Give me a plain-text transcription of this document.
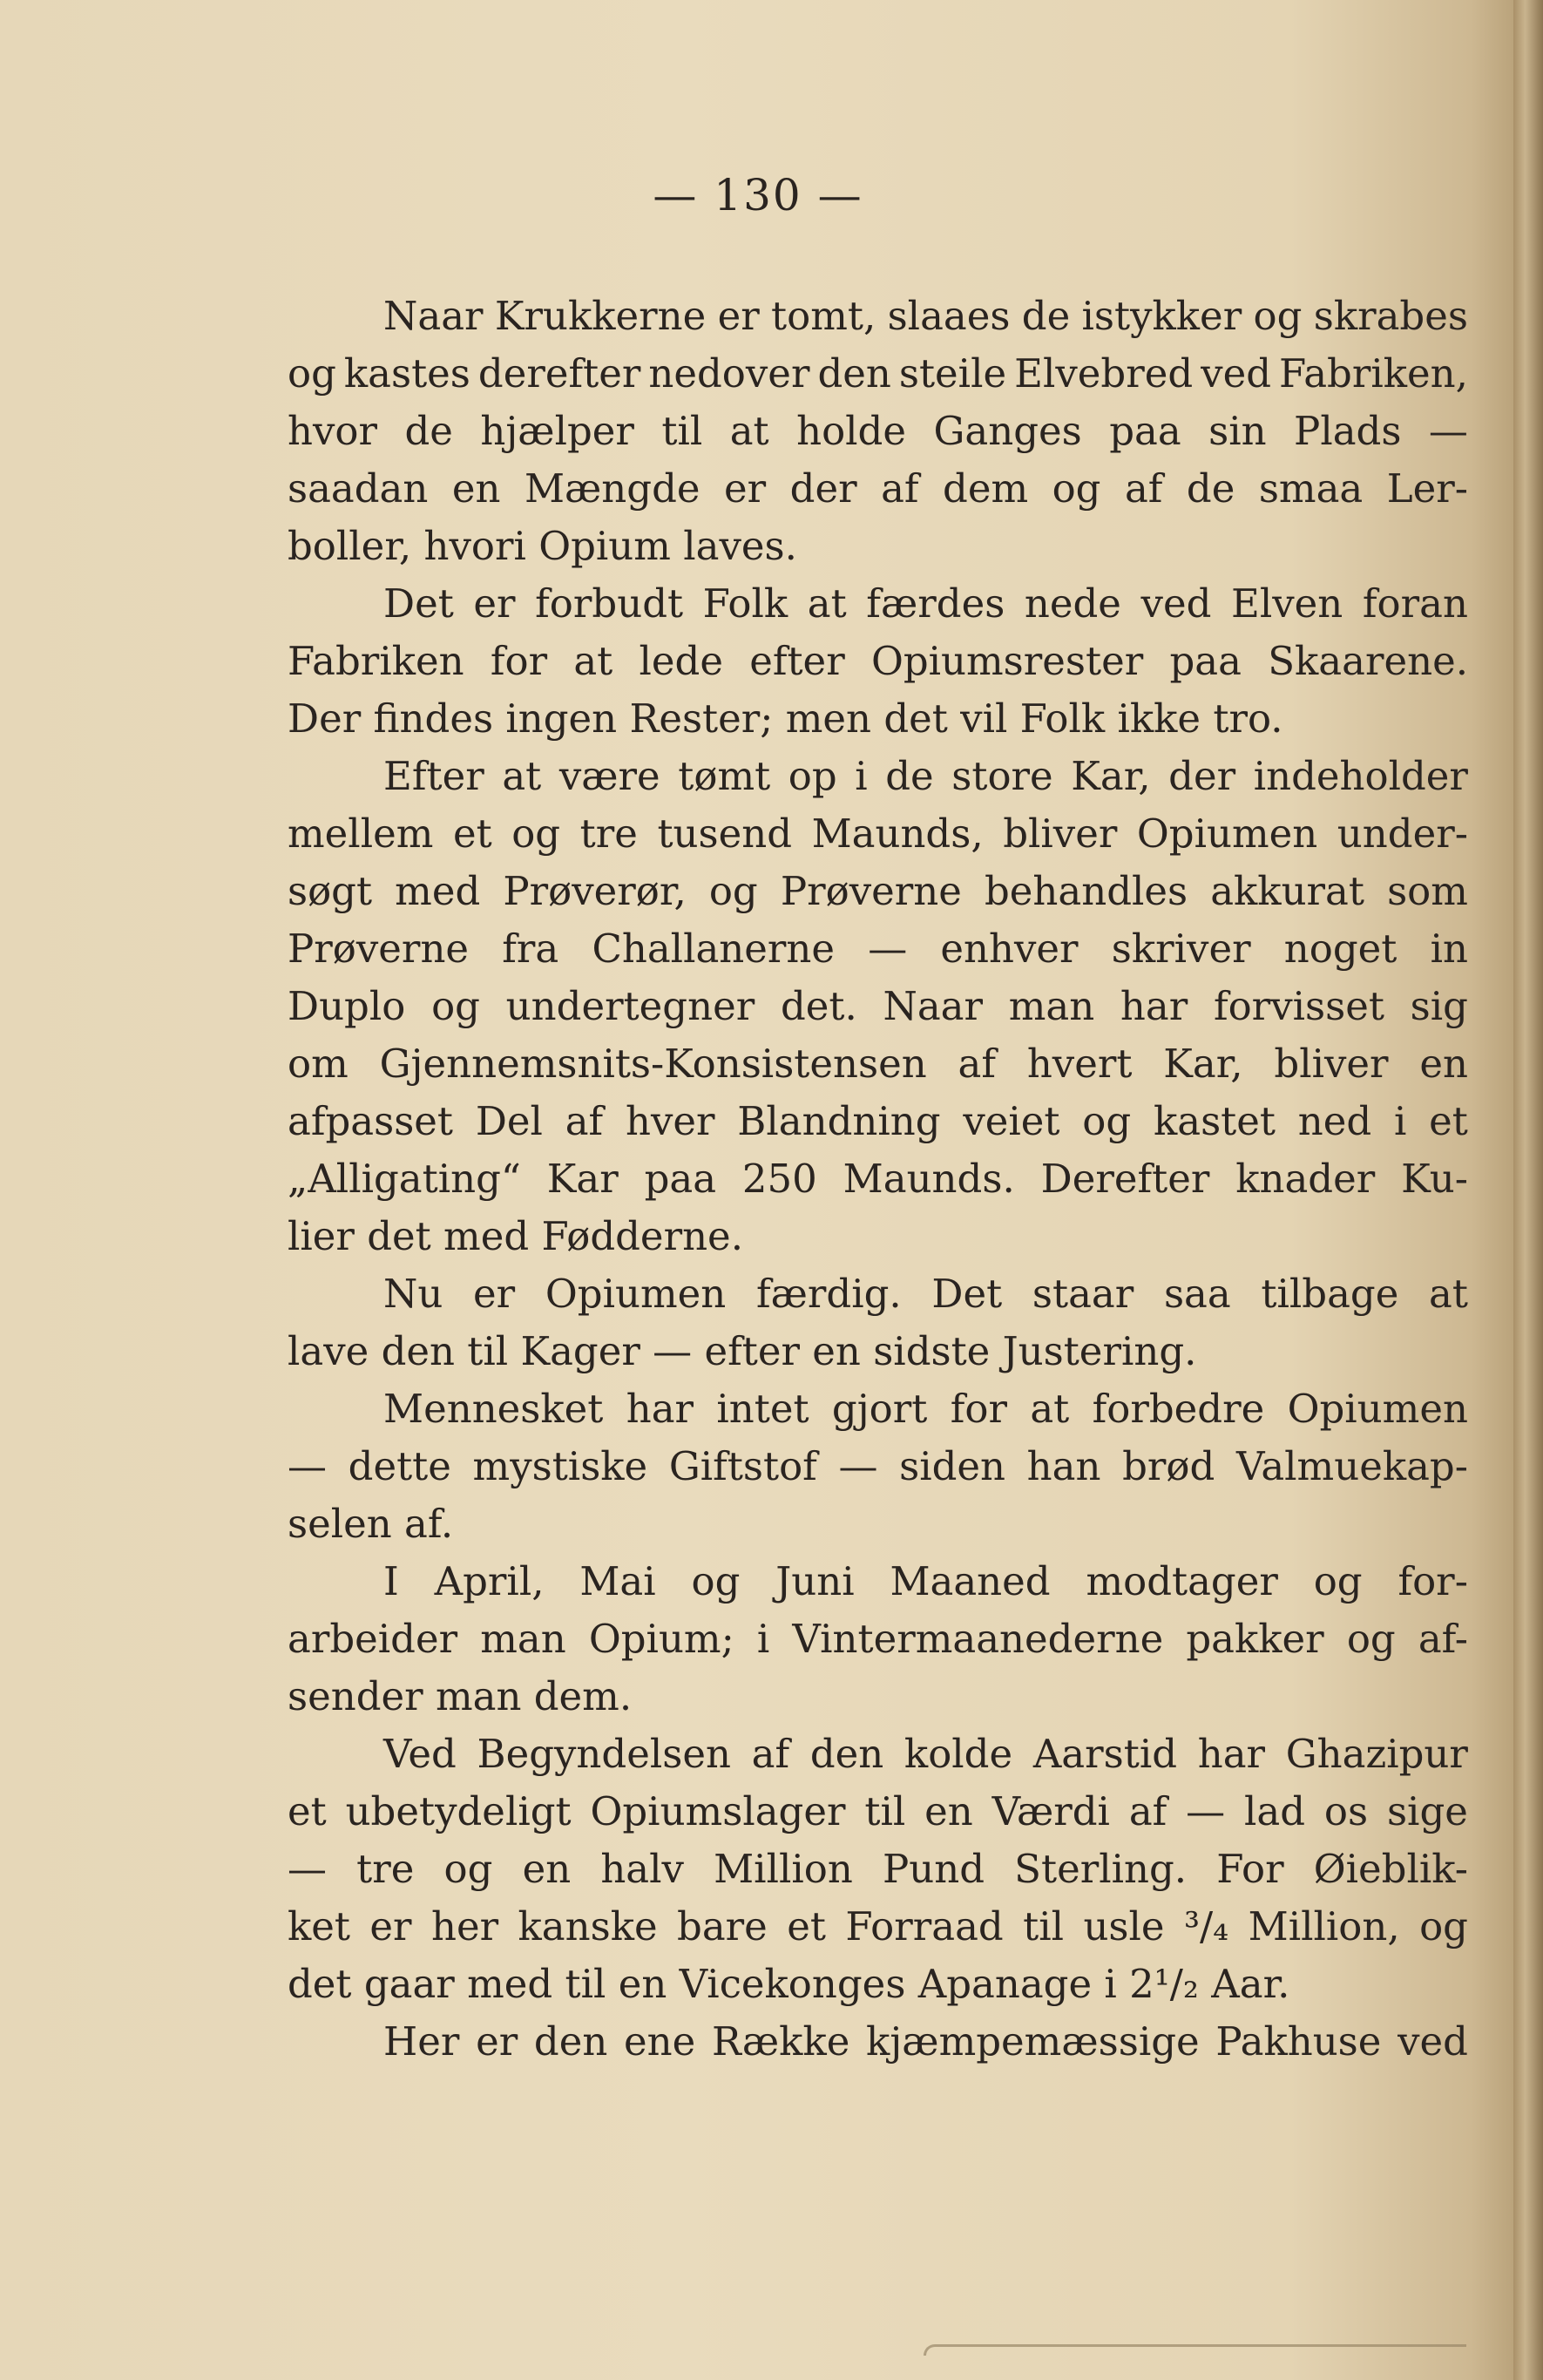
— 130 —
Naar Krukkerne er tomt, slaaes de istykker og skrabes
og kastes derefter nedover den steile Elvebred ved Fabriken,
hvor de hjælper til at holde Ganges paa sin Plads —
saadan en Mængde er der af dem og af de smaa Ler-
boller, hvori Opium laves.
Det er forbudt Folk at færdes nede ved Elven foran
Fabriken for at lede efter Opiumsrester paa Skaarene.
Der findes ingen Rester; men det vil Folk ikke tro.
Efter at være tømt op i de store Kar, der indeholder
mellem et og tre tusend Maunds, bliver Opiumen under-
søgt med Prøverør, og Prøverne behandles akkurat som
Prøverne fra Challanerne — enhver skriver noget in
Duplo og undertegner det. Naar man har forvisset sig
om Gjennemsnits-Konsistensen af hvert Kar, bliver en
afpasset Del af hver Blandning veiet og kastet ned i et
„Alligating“ Kar paa 250 Maunds. Derefter knader Ku-
lier det med Fødderne.
Nu er Opiumen færdig. Det staar saa tilbage at
lave den til Kager — efter en sidste Justering.
Mennesket har intet gjort for at forbedre Opiumen
— dette mystiske Giftstof — siden han brød Valmuekap-
selen af.
I April, Mai og Juni Maaned modtager og for-
arbeider man Opium; i Vintermaanederne pakker og af-
sender man dem.
Ved Begyndelsen af den kolde Aarstid har Ghazipur
et ubetydeligt Opiumslager til en Værdi af — lad os sige
— tre og en halv Million Pund Sterling. For Øieblik-
ket er her kanske bare et Forraad til usle ³/₄ Million, og
det gaar med til en Vicekonges Apanage i 2¹/₂ Aar.
Her er den ene Række kjæmpemæssige Pakhuse ved
